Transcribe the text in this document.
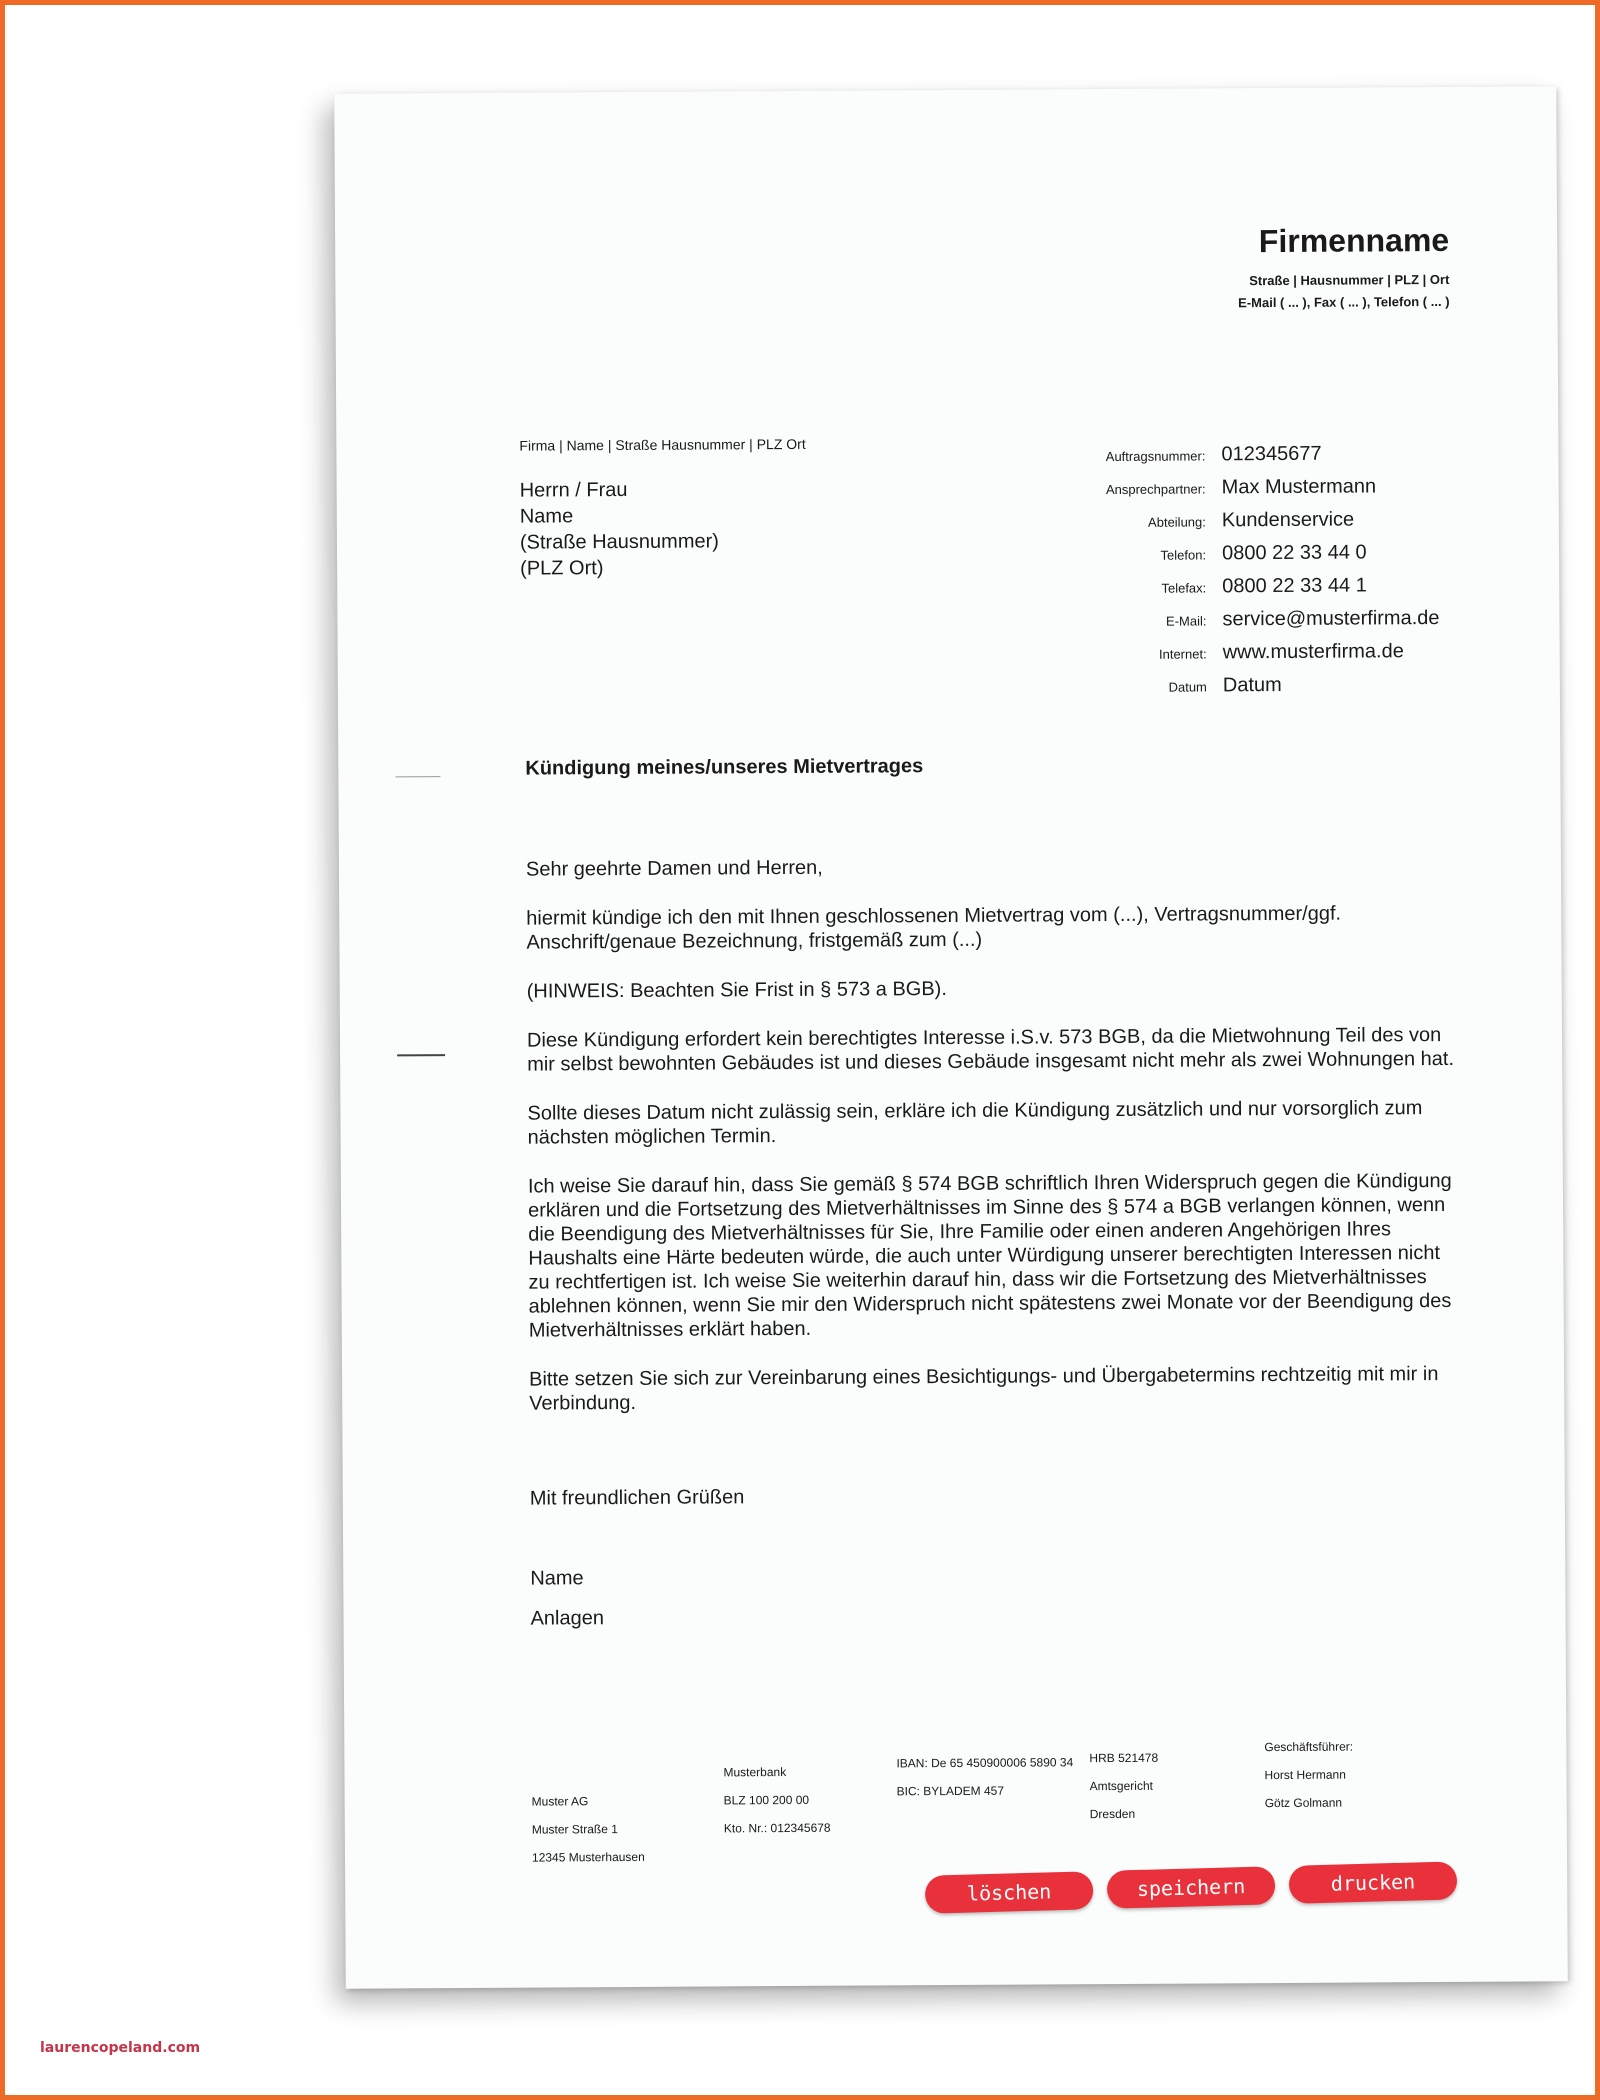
Firmenname
Straße | Hausnummer | PLZ | Ort
E-Mail ( ... ), Fax ( ... ), Telefon ( ... )
Firma | Name | Straße Hausnummer | PLZ Ort
Herrn / Frau
Name
(Straße Hausnummer)
(PLZ Ort)
Auftragsnummer: 012345677
Ansprechpartner: Max Mustermann
Abteilung: Kundenservice
Telefon: 0800 22 33 44 0
Telefax: 0800 22 33 44 1
E-Mail: service@musterfirma.de
Internet: www.musterfirma.de
Datum Datum
Kündigung meines/unseres Mietvertrages

Sehr geehrte Damen und Herren,

hiermit kündige ich den mit Ihnen geschlossenen Mietvertrag vom (...), Vertragsnummer/ggf. Anschrift/genaue Bezeichnung, fristgemäß zum (...)

(HINWEIS: Beachten Sie Frist in § 573 a BGB).

Diese Kündigung erfordert kein berechtigtes Interesse i.S.v. 573 BGB, da die Mietwohnung Teil des von mir selbst bewohnten Gebäudes ist und dieses Gebäude insgesamt nicht mehr als zwei Wohnungen hat.

Sollte dieses Datum nicht zulässig sein, erkläre ich die Kündigung zusätzlich und nur vorsorglich zum nächsten möglichen Termin.

Ich weise Sie darauf hin, dass Sie gemäß § 574 BGB schriftlich Ihren Widerspruch gegen die Kündigung erklären und die Fortsetzung des Mietverhältnisses im Sinne des § 574 a BGB verlangen können, wenn die Beendigung des Mietverhältnisses für Sie, Ihre Familie oder einen anderen Angehörigen Ihres Haushalts eine Härte bedeuten würde, die auch unter Würdigung unserer berechtigten Interessen nicht zu rechtfertigen ist. Ich weise Sie weiterhin darauf hin, dass wir die Fortsetzung des Mietverhältnisses ablehnen können, wenn Sie mir den Widerspruch nicht spätestens zwei Monate vor der Beendigung des Mietverhältnisses erklärt haben.

Bitte setzen Sie sich zur Vereinbarung eines Besichtigungs- und Übergabetermins rechtzeitig mit mir in Verbindung.

Mit freundlichen Grüßen
Name
Anlagen
Muster AG
Muster Straße 1
12345 Musterhausen
Musterbank
BLZ 100 200 00
Kto. Nr.: 012345678
IBAN: De 65 450900006 5890 34
BIC: BYLADEM 457
HRB 521478
Amtsgericht
Dresden
Geschäftsführer:
Horst Hermann
Götz Golmann
löschen	speichern	drucken
laurencopeland.com
